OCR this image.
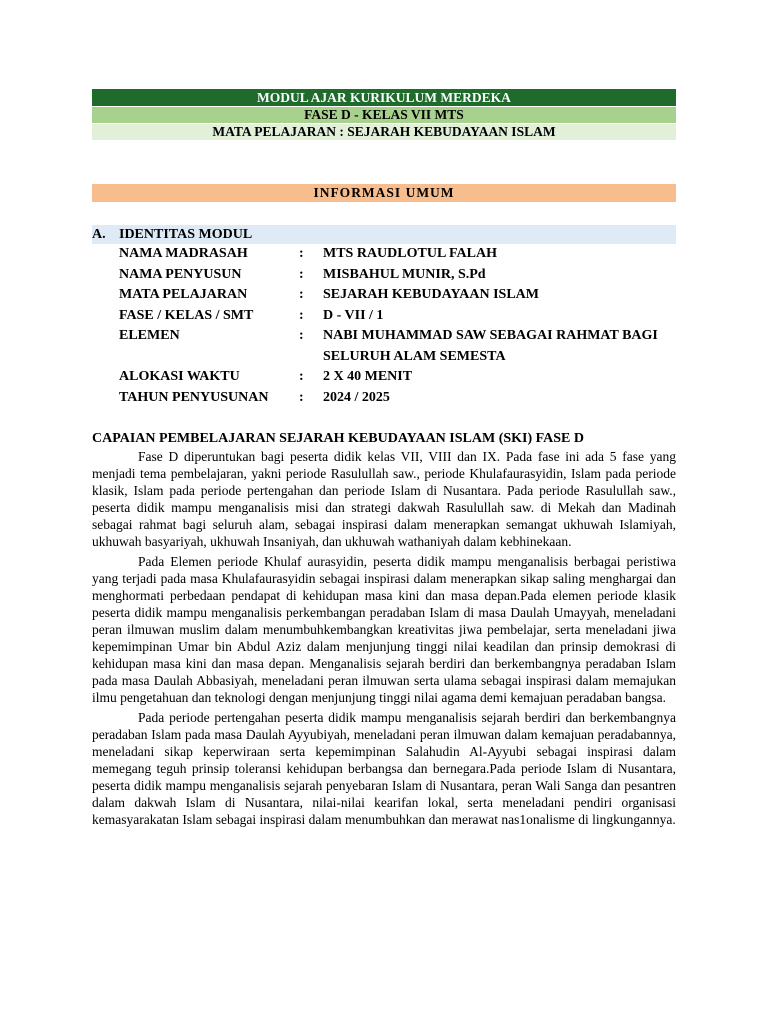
MODUL AJAR KURIKULUM MERDEKA
FASE D - KELAS VII MTS
MATA PELAJARAN : SEJARAH KEBUDAYAAN ISLAM
INFORMASI UMUM
A. IDENTITAS MODUL
NAMA MADRASAH	:	MTS RAUDLOTUL FALAH
NAMA PENYUSUN	:	MISBAHUL MUNIR, S.Pd
MATA PELAJARAN	:	SEJARAH KEBUDAYAAN ISLAM
FASE / KELAS / SMT	:	D - VII / 1
ELEMEN	:	NABI MUHAMMAD SAW SEBAGAI RAHMAT BAGI SELURUH ALAM SEMESTA
ALOKASI WAKTU	:	2 X 40 MENIT
TAHUN PENYUSUNAN	:	2024 / 2025
CAPAIAN PEMBELAJARAN SEJARAH KEBUDAYAAN ISLAM (SKI) FASE D

Fase D diperuntukan bagi peserta didik kelas VII, VIII dan IX. Pada fase ini ada 5 fase yang menjadi tema pembelajaran, yakni periode Rasulullah saw., periode Khulafaurasyidin, Islam pada periode klasik, Islam pada periode pertengahan dan periode Islam di Nusantara. Pada periode Rasulullah saw., peserta didik mampu menganalisis misi dan strategi dakwah Rasulullah saw. di Mekah dan Madinah sebagai rahmat bagi seluruh alam, sebagai inspirasi dalam menerapkan semangat ukhuwah Islamiyah, ukhuwah basyariyah, ukhuwah Insaniyah, dan ukhuwah wathaniyah dalam kebhinekaan.

Pada Elemen periode Khulaf aurasyidin, peserta didik mampu menganalisis berbagai peristiwa yang terjadi pada masa Khulafaurasyidin sebagai inspirasi dalam menerapkan sikap saling menghargai dan menghormati perbedaan pendapat di kehidupan masa kini dan masa depan.Pada elemen periode klasik peserta didik mampu menganalisis perkembangan peradaban Islam di masa Daulah Umayyah, meneladani peran ilmuwan muslim dalam menumbuhkembangkan kreativitas jiwa pembelajar, serta meneladani jiwa kepemimpinan Umar bin Abdul Aziz dalam menjunjung tinggi nilai keadilan dan prinsip demokrasi di kehidupan masa kini dan masa depan. Menganalisis sejarah berdiri dan berkembangnya peradaban Islam pada masa Daulah Abbasiyah, meneladani peran ilmuwan serta ulama sebagai inspirasi dalam memajukan ilmu pengetahuan dan teknologi dengan menjunjung tinggi nilai agama demi kemajuan peradaban bangsa.

Pada periode pertengahan peserta didik mampu menganalisis sejarah berdiri dan berkembangnya peradaban Islam pada masa Daulah Ayyubiyah, meneladani peran ilmuwan dalam kemajuan peradabannya, meneladani sikap keperwiraan serta kepemimpinan Salahudin Al-Ayyubi sebagai inspirasi dalam memegang teguh prinsip toleransi kehidupan berbangsa dan bernegara.Pada periode Islam di Nusantara, peserta didik mampu menganalisis sejarah penyebaran Islam di Nusantara, peran Wali Sanga dan pesantren dalam dakwah Islam di Nusantara, nilai-nilai kearifan lokal, serta meneladani pendiri organisasi kemasyarakatan Islam sebagai inspirasi dalam menumbuhkan dan merawat nas1onalisme di lingkungannya.
